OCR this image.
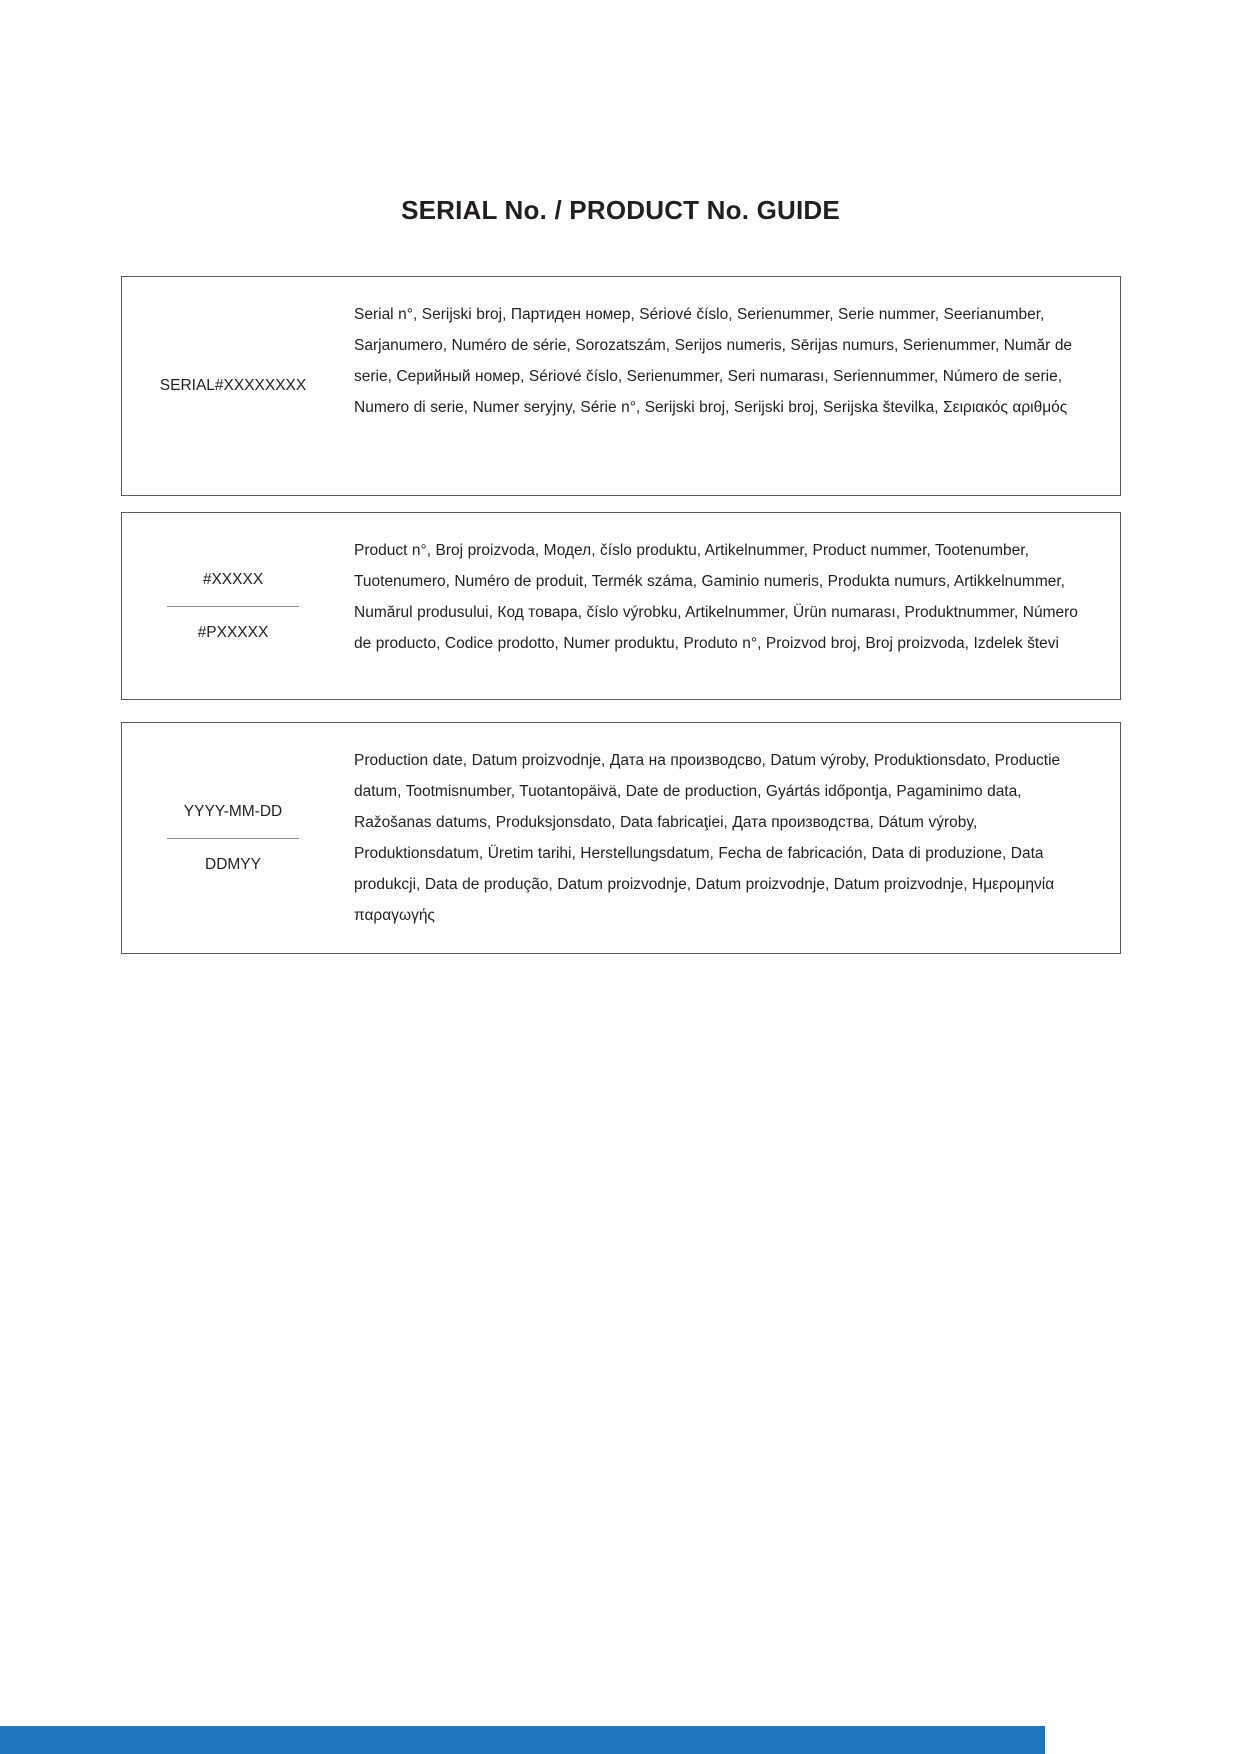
SERIAL No. / PRODUCT No. GUIDE
SERIAL#XXXXXXXX
Serial n°, Serijski broj, Партиден номер, Sériové číslo, Serienummer, Serie nummer, Seerianumber, Sarjanumero, Numéro de série, Sorozatszám, Serijos numeris, Sērijas numurs, Serienummer, Număr de serie, Серийный номер, Sériové číslo, Serienummer, Seri numarası, Seriennummer, Número de serie, Numero di serie, Numer seryjny, Série n°, Serijski broj, Serijski broj, Serijska številka, Σειριακός αριθμός
#XXXXX
#PXXXXX
Product n°, Broj proizvoda, Модел, číslo produktu, Artikelnummer, Product nummer, Tootenumber, Tuotenumero, Numéro de produit, Termék száma, Gaminio numeris, Produkta numurs, Artikkelnummer, Numărul produsului, Код товара, číslo výrobku, Artikelnummer, Ürün numarası, Produktnummer, Número de producto, Codice prodotto, Numer produktu, Produto n°, Proizvod broj, Broj proizvoda, Izdelek števi
YYYY-MM-DD
DDMYY
Production date, Datum proizvodnje, Дата на производсво, Datum výroby, Produktionsdato, Productie datum, Tootmisnumber, Tuotantopäivä, Date de production, Gyártás időpontja, Pagaminimo data, Ražošanas datums, Produksjonsdato, Data fabricaţiei, Дата производства, Dátum výroby, Produktionsdatum, Üretim tarihi, Herstellungsdatum, Fecha de fabricación, Data di produzione, Data produkcji, Data de produção, Datum proizvodnje, Datum proizvodnje, Datum proizvodnje, Ημερομηνία παραγωγής
